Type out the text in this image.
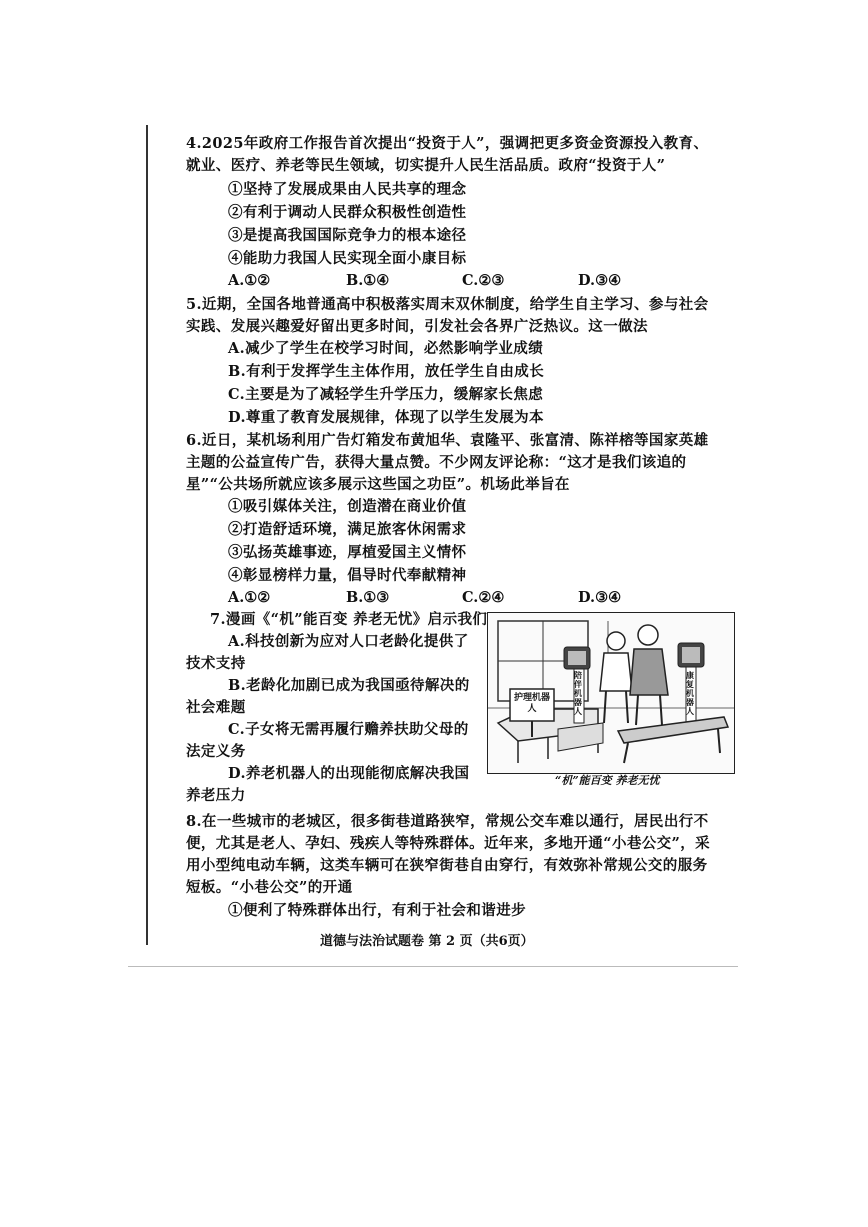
4.2025年政府工作报告首次提出“投资于人”，强调把更多资金资源投入教育、就业、医疗、养老等民生领域，切实提升人民生活品质。政府“投资于人”
①坚持了发展成果由人民共享的理念
②有利于调动人民群众积极性创造性
③是提高我国国际竞争力的根本途径
④能助力我国人民实现全面小康目标
A.①②	B.①④	C.②③	D.③④
5.近期，全国各地普通高中积极落实周末双休制度，给学生自主学习、参与社会实践、发展兴趣爱好留出更多时间，引发社会各界广泛热议。这一做法
A.减少了学生在校学习时间，必然影响学业成绩
B.有利于发挥学生主体作用，放任学生自由成长
C.主要是为了减轻学生升学压力，缓解家长焦虑
D.尊重了教育发展规律，体现了以学生发展为本
6.近日，某机场利用广告灯箱发布黄旭华、袁隆平、张富清、陈祥榕等国家英雄主题的公益宣传广告，获得大量点赞。不少网友评论称：“这才是我们该追的星”“公共场所就应该多展示这些国之功臣”。机场此举旨在
①吸引媒体关注，创造潜在商业价值
②打造舒适环境，满足旅客休闲需求
③弘扬英雄事迹，厚植爱国主义情怀
④彰显榜样力量，倡导时代奉献精神
A.①②	B.①③	C.②④	D.③④
7.漫画《“机”能百变 养老无忧》启示我们
A.科技创新为应对人口老龄化提供了技术支持
B.老龄化加剧已成为我国亟待解决的社会难题
C.子女将无需再履行赡养扶助父母的法定义务
D.养老机器人的出现能彻底解决我国养老压力
护理机器人
陪伴机器人
康复机器人
“机”能百变 养老无忧
8.在一些城市的老城区，很多街巷道路狭窄，常规公交车难以通行，居民出行不便，尤其是老人、孕妇、残疾人等特殊群体。近年来，多地开通“小巷公交”，采用小型纯电动车辆，这类车辆可在狭窄街巷自由穿行，有效弥补常规公交的服务短板。“小巷公交”的开通
①便利了特殊群体出行，有利于社会和谐进步
道德与法治试题卷 第 2 页（共6页）
